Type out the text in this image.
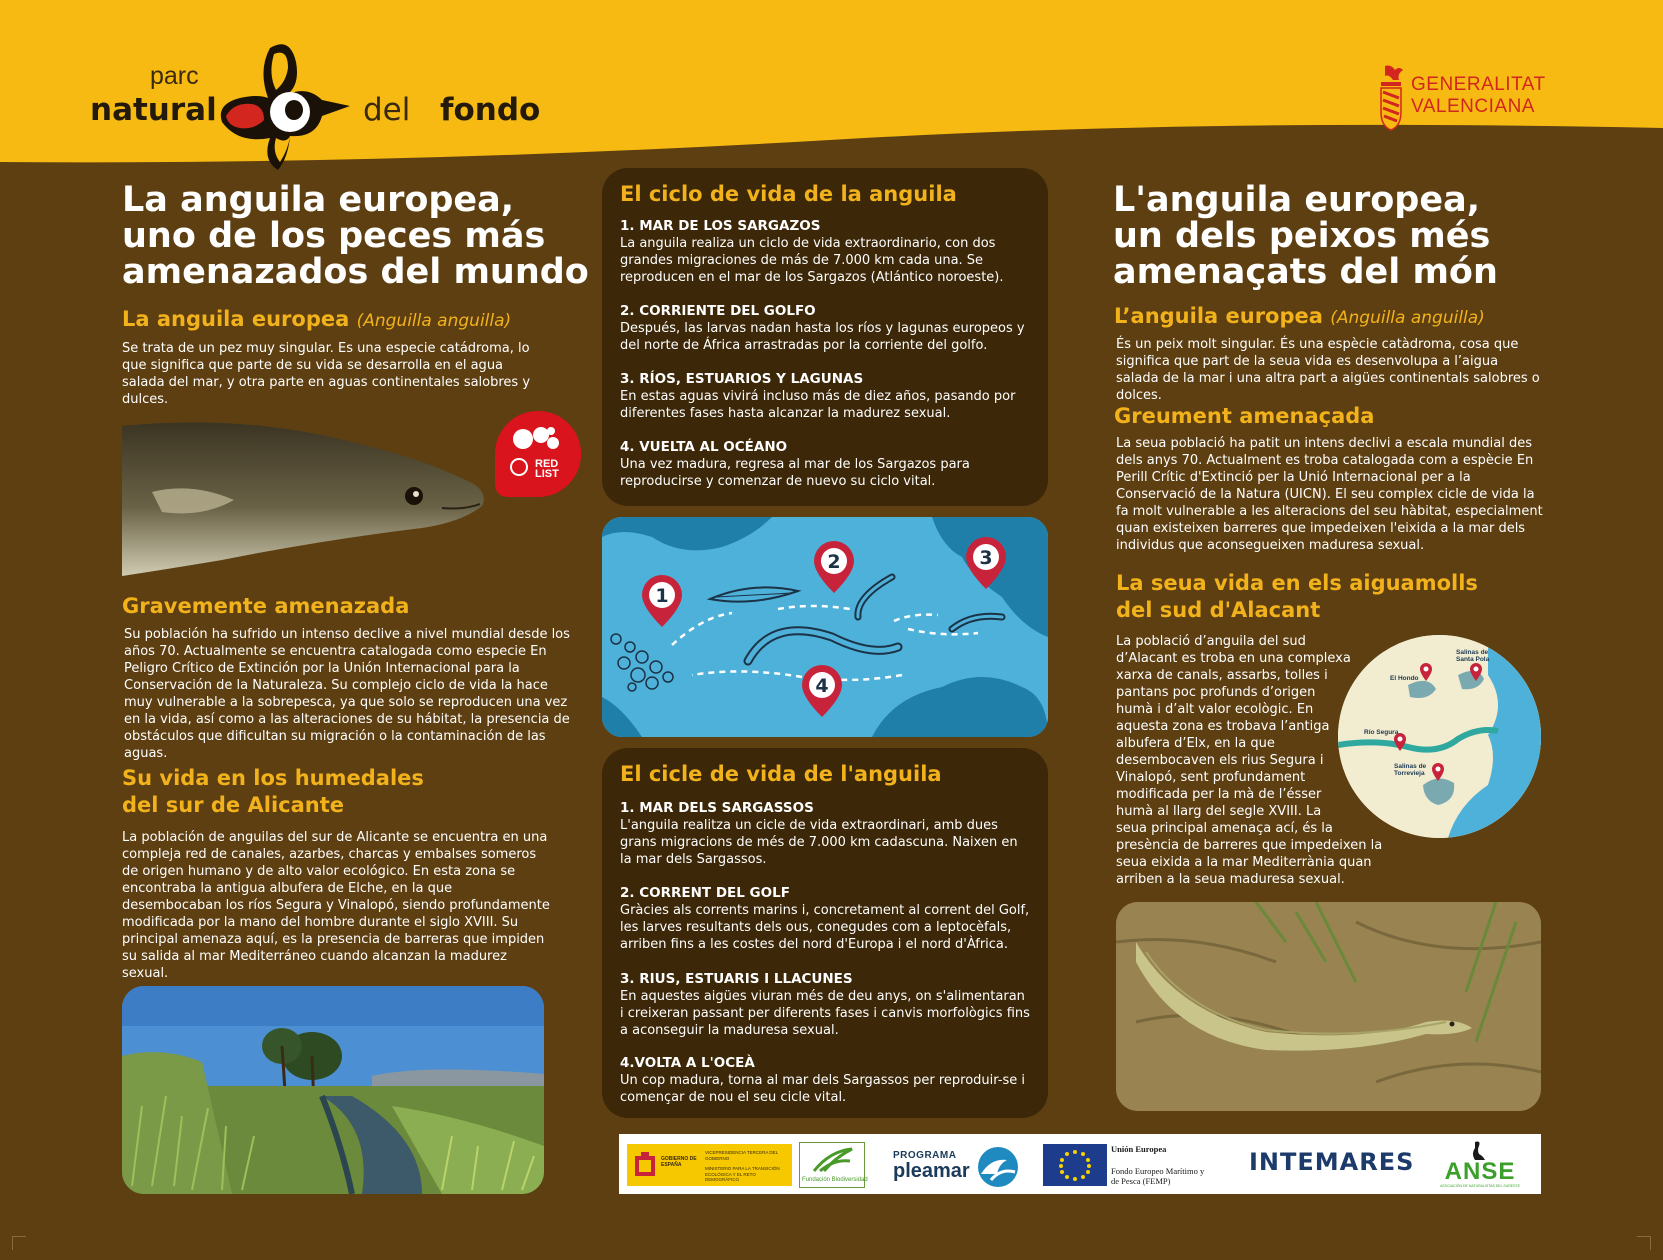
parc
natural	del fondo
GENERALITAT
VALENCIANA
La anguila europea,
uno de los peces más
amenazados del mundo
La anguila europea (Anguilla anguilla)
Se trata de un pez muy singular. Es una especie catádroma, lo que significa que parte de su vida se desarrolla en el agua salada del mar, y otra parte en aguas continentales salobres y dulces.
RED
LIST
Gravemente amenazada
Su población ha sufrido un intenso declive a nivel mundial desde los años 70. Actualmente se encuentra catalogada como especie En Peligro Crítico de Extinción por la Unión Internacional para la Conservación de la Naturaleza. Su complejo ciclo de vida la hace muy vulnerable a la sobrepesca, ya que solo se reproducen una vez en la vida, así como a las alteraciones de su hábitat, la presencia de obstáculos que dificultan su migración o la contaminación de las aguas.
Su vida en los humedales
del sur de Alicante
La población de anguilas del sur de Alicante se encuentra en una compleja red de canales, azarbes, charcas y embalses someros de origen humano y de alto valor ecológico. En esta zona se encontraba la antigua albufera de Elche, en la que desembocaban los ríos Segura y Vinalopó, siendo profundamente modificada por la mano del hombre durante el siglo XVIII. Su principal amenaza aquí, es la presencia de barreras que impiden su salida al mar Mediterráneo cuando alcanzan la madurez sexual.
El ciclo de vida de la anguila
1. MAR DE LOS SARGAZOS
La anguila realiza un ciclo de vida extraordinario, con dos grandes migraciones de más de 7.000 km cada una. Se reproducen en el mar de los Sargazos (Atlántico noroeste).
2. CORRIENTE DEL GOLFO
Después, las larvas nadan hasta los ríos y lagunas europeos y del norte de África arrastradas por la corriente del golfo.
3. RÍOS, ESTUARIOS Y LAGUNAS
En estas aguas vivirá incluso más de diez años, pasando por diferentes fases hasta alcanzar la madurez sexual.
4. VUELTA AL OCÉANO
Una vez madura, regresa al mar de los Sargazos para reproducirse y comenzar de nuevo su ciclo vital.
1
2	3
4
El cicle de vida de l'anguila
1. MAR DELS SARGASSOS
L'anguila realitza un cicle de vida extraordinari, amb dues grans migracions de més de 7.000 km cadascuna. Naixen en la mar dels Sargassos.
2. CORRENT DEL GOLF
Gràcies als corrents marins i, concretament al corrent del Golf, les larves resultants dels ous, conegudes com a leptocèfals, arriben fins a les costes del nord d'Europa i el nord d'Àfrica.
3. RIUS, ESTUARIS I LLACUNES
En aquestes aigües viuran més de deu anys, on s'alimentaran i creixeran passant per diferents fases i canvis morfològics fins a aconseguir la maduresa sexual.
4.VOLTA A L'OCEÀ
Un cop madura, torna al mar dels Sargassos per reproduir-se i començar de nou el seu cicle vital.
L'anguila europea,
un dels peixos més
amenaçats del món
L’anguila europea (Anguilla anguilla)
És un peix molt singular. És una espècie catàdroma, cosa que significa que part de la seua vida es desenvolupa a l’aigua salada de la mar i una altra part a aigües continentals salobres o dolces.
Greument amenaçada
La seua població ha patit un intens declivi a escala mundial des dels anys 70. Actualment es troba catalogada com a espècie En Perill Crític d'Extinció per la Unió Internacional per a la Conservació de la Natura (UICN). El seu complex cicle de vida la fa molt vulnerable a les alteracions del seu hàbitat, especialment quan existeixen barreres que impedeixen l'eixida a la mar dels individus que aconsegueixen maduresa sexual.
La seua vida en els aiguamolls
del sud d'Alacant
La població d’anguila del sud
d’Alacant es troba en una complexa
xarxa de canals, assarbs, tolles i
pantans poc profunds d’origen
humà i d’alt valor ecològic. En
aquesta zona es trobava l’antiga
albufera d’Elx, en la que
desembocaven els rius Segura i
Vinalopó, sent profundament
modificada per la mà de l’ésser
humà al llarg del segle XVIII. La
seua principal amenaça ací, és la
presència de barreres que impedeixen la
seua eixida a la mar Mediterrània quan
arriben a la seua maduresa sexual.
El Hondo
Salinas de Santa Pola
Río Segura
Salinas de Torrevieja
GOBIERNO DE ESPAÑA
VICEPRESIDENCIA TERCERA DEL GOBIERNO
MINISTERIO PARA LA TRANSICIÓN ECOLÓGICA Y EL RETO DEMOGRÁFICO	Fundación Biodiversidad
PROGRAMA
pleamar
Unión Europea
Fondo Europeo Marítimo y
de Pesca (FEMP)
INTEMARES	ANSE
ASOCIACIÓN DE NATURALISTAS DEL SURESTE
